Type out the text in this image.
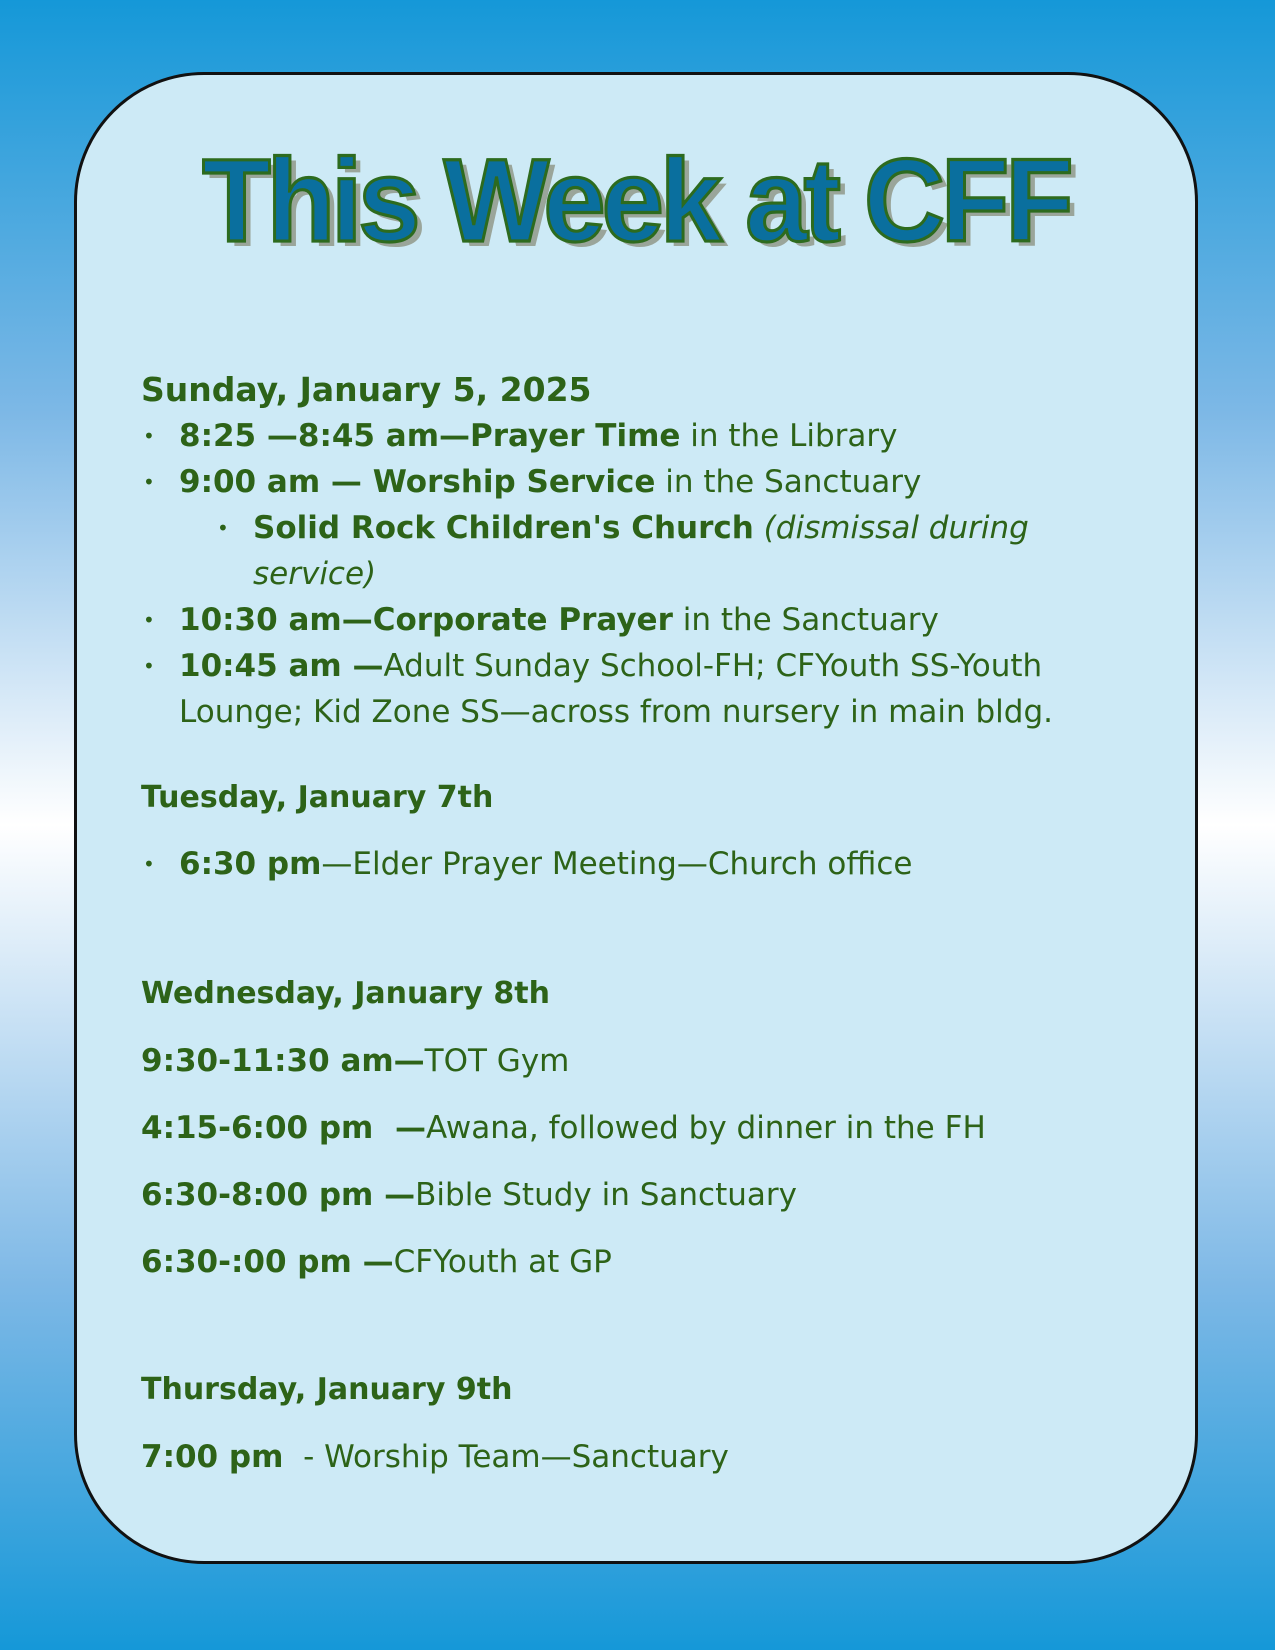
This Week at CFF

Sunday, January 5, 2025

• 8:25 —8:45 am—Prayer Time in the Library
• 9:00 am — Worship Service in the Sanctuary
• Solid Rock Children's Church (dismissal during service)
• 10:30 am—Corporate Prayer in the Sanctuary
• 10:45 am —Adult Sunday School-FH; CFYouth SS-Youth Lounge; Kid Zone SS—across from nursery in main bldg.

Tuesday, January 7th

• 6:30 pm—Elder Prayer Meeting—Church office

Wednesday, January 8th

9:30-11:30 am—TOT Gym

4:15-6:00 pm  —Awana, followed by dinner in the FH

6:30-8:00 pm —Bible Study in Sanctuary

6:30-:00 pm —CFYouth at GP

Thursday, January 9th

7:00 pm  - Worship Team—Sanctuary
